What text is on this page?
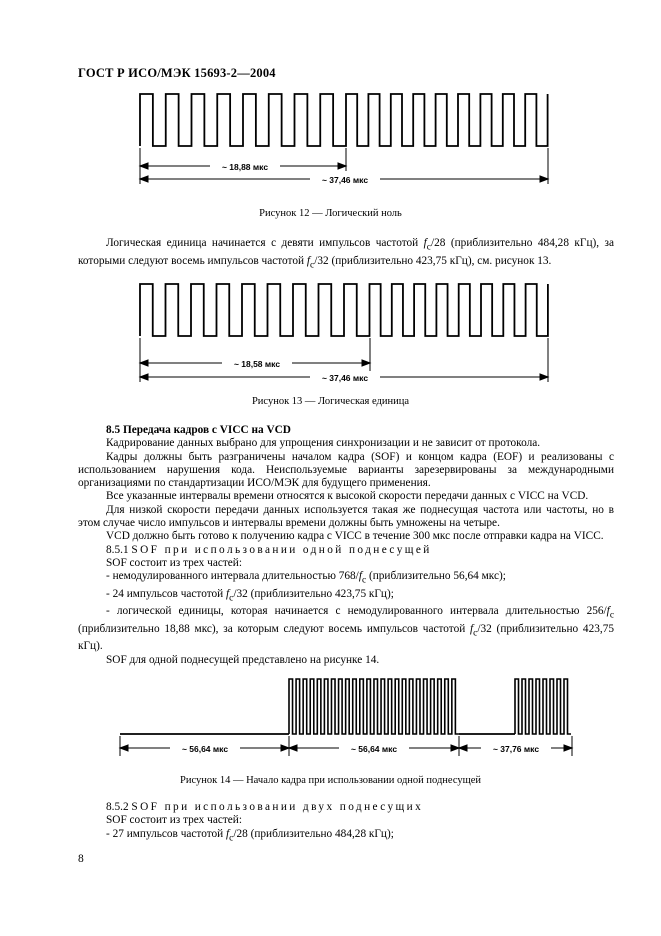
ГОСТ Р ИСО/МЭК 15693-2—2004
~ 18,88 мкс
~ 37,46 мкс
Рисунок 12 — Логический ноль

Логическая единица начинается с девяти импульсов частотой $f_c/28$ (приблизительно 484,28 кГц), за которыми следуют восемь импульсов частотой $f_c/32$ (приблизительно 423,75 кГц), см. рисунок 13.

~ 18,58 мкс
~ 37,46 мкс
Рисунок 13 — Логическая единица

8.5 Передача кадров с VICC на VCD

Кадрирование данных выбрано для упрощения синхронизации и не зависит от протокола.

Кадры должны быть разграничены началом кадра (SOF) и концом кадра (EOF) и реализованы с использованием нарушения кода. Неиспользуемые варианты зарезервированы за международными организациями по стандартизации ИСО/МЭК для будущего применения.

Все указанные интервалы времени относятся к высокой скорости передачи данных с VICC на VCD.

Для низкой скорости передачи данных используется такая же поднесущая частота или частоты, но в этом случае число импульсов и интервалы времени должны быть умножены на четыре.

VCD должно быть готово к получению кадра с VICC в течение 300 мкс после отправки кадра на VICC.

8.5.1 SOF при использовании одной поднесущей

SOF состоит из трех частей:

- немодулированного интервала длительностью $768/f_c$ (приблизительно 56,64 мкс);

- 24 импульсов частотой $f_c/32$ (приблизительно 423,75 кГц);

- логической единицы, которая начинается с немодулированного интервала длительностью $256/f_c$ (приблизительно 18,88 мкс), за которым следуют восемь импульсов частотой $f_c/32$ (приблизительно 423,75 кГц).

SOF для одной поднесущей представлено на рисунке 14.

~ 56,64 мкс	~ 56,64 мкс	~ 37,76 мкс
Рисунок 14 — Начало кадра при использовании одной поднесущей

8.5.2 SOF при использовании двух поднесущих

SOF состоит из трех частей:

- 27 импульсов частотой $f_c/28$ (приблизительно 484,28 кГц);

8
